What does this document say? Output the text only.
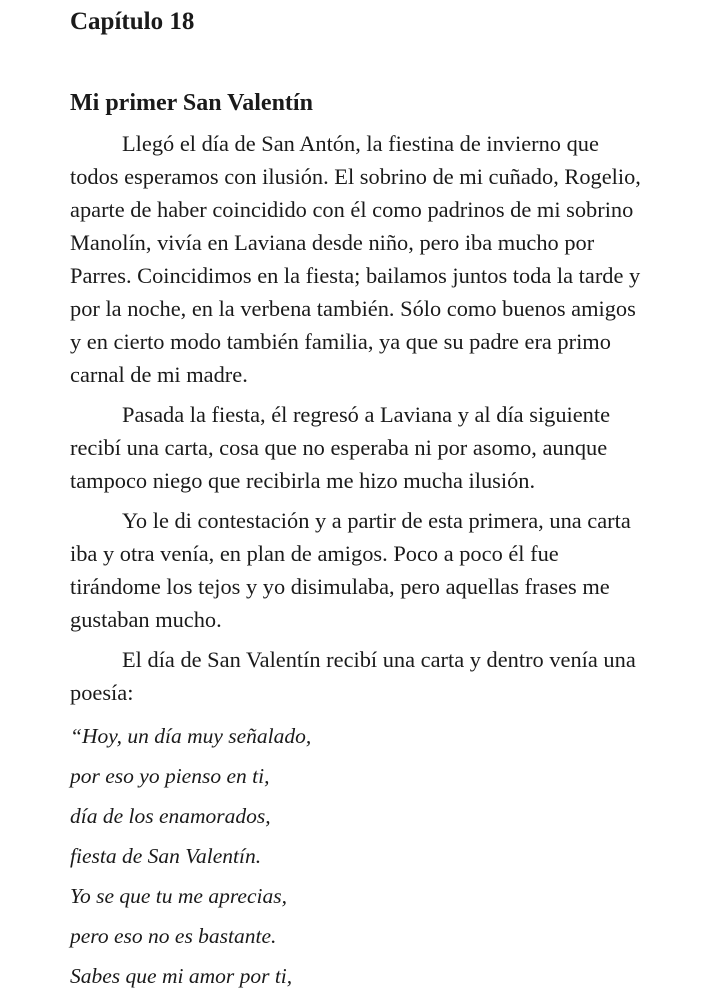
Capítulo 18
Mi primer San Valentín

Llegó el día de San Antón, la fiestina de invierno que todos esperamos con ilusión. El sobrino de mi cuñado, Rogelio, aparte de haber coincidido con él como padrinos de mi sobrino Manolín, vivía en Laviana desde niño, pero iba mucho por Parres. Coincidimos en la fiesta; bailamos juntos toda la tarde y por la noche, en la verbena también. Sólo como buenos amigos y en cierto modo también familia, ya que su padre era primo carnal de mi madre.

Pasada la fiesta, él regresó a Laviana y al día siguiente recibí una carta, cosa que no esperaba ni por asomo, aunque tampoco niego que recibirla me hizo mucha ilusión.

Yo le di contestación y a partir de esta primera, una carta iba y otra venía, en plan de amigos. Poco a poco él fue tirándome los tejos y yo disimulaba, pero aquellas frases me gustaban mucho.

El día de San Valentín recibí una carta y dentro venía una poesía:

“Hoy, un día muy señalado,

por eso yo pienso en ti,

día de los enamorados,

fiesta de San Valentín.

Yo se que tu me aprecias,

pero eso no es bastante.

Sabes que mi amor por ti,
